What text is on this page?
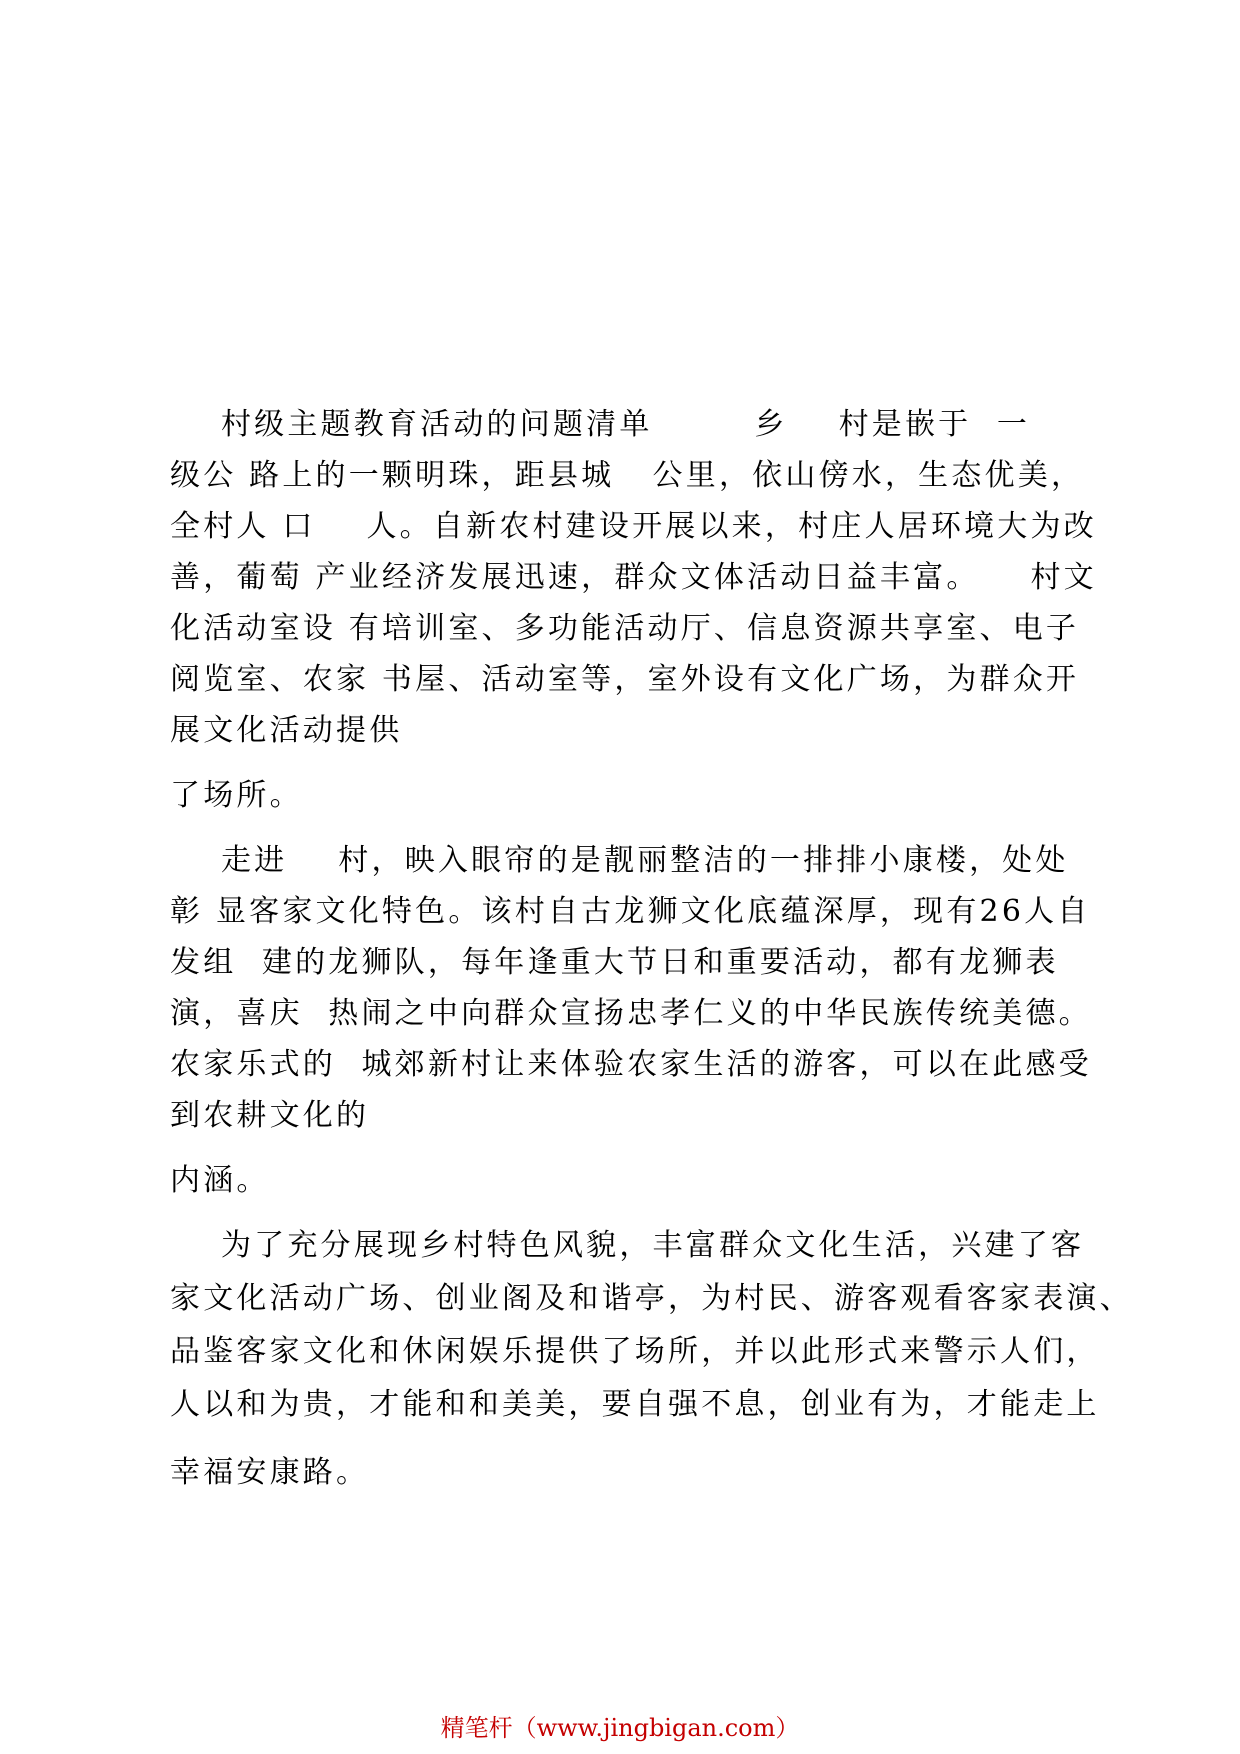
村级主题教育活动的问题清单        乡    村是嵌于  一
级公 路上的一颗明珠，距县城   公里，依山傍水，生态优美，
全村人 口    人。自新农村建设开展以来，村庄人居环境大为改
善，葡萄 产业经济发展迅速，群众文体活动日益丰富。    村文
化活动室设 有培训室、多功能活动厅、信息资源共享室、电子
阅览室、农家 书屋、活动室等，室外设有文化广场，为群众开
展文化活动提供
了场所。
走进    村，映入眼帘的是靓丽整洁的一排排小康楼，处处
彰 显客家文化特色。该村自古龙狮文化底蕴深厚，现有26人自
发组  建的龙狮队，每年逢重大节日和重要活动，都有龙狮表
演，喜庆  热闹之中向群众宣扬忠孝仁义的中华民族传统美德。
农家乐式的  城郊新村让来体验农家生活的游客，可以在此感受
到农耕文化的
内涵。
为了充分展现乡村特色风貌，丰富群众文化生活，兴建了客
家文化活动广场、创业阁及和谐亭，为村民、游客观看客家表演、
品鉴客家文化和休闲娱乐提供了场所，并以此形式来警示人们，
人以和为贵，才能和和美美，要自强不息，创业有为，才能走上
幸福安康路。
精笔杆（www.jingbigan.com）
